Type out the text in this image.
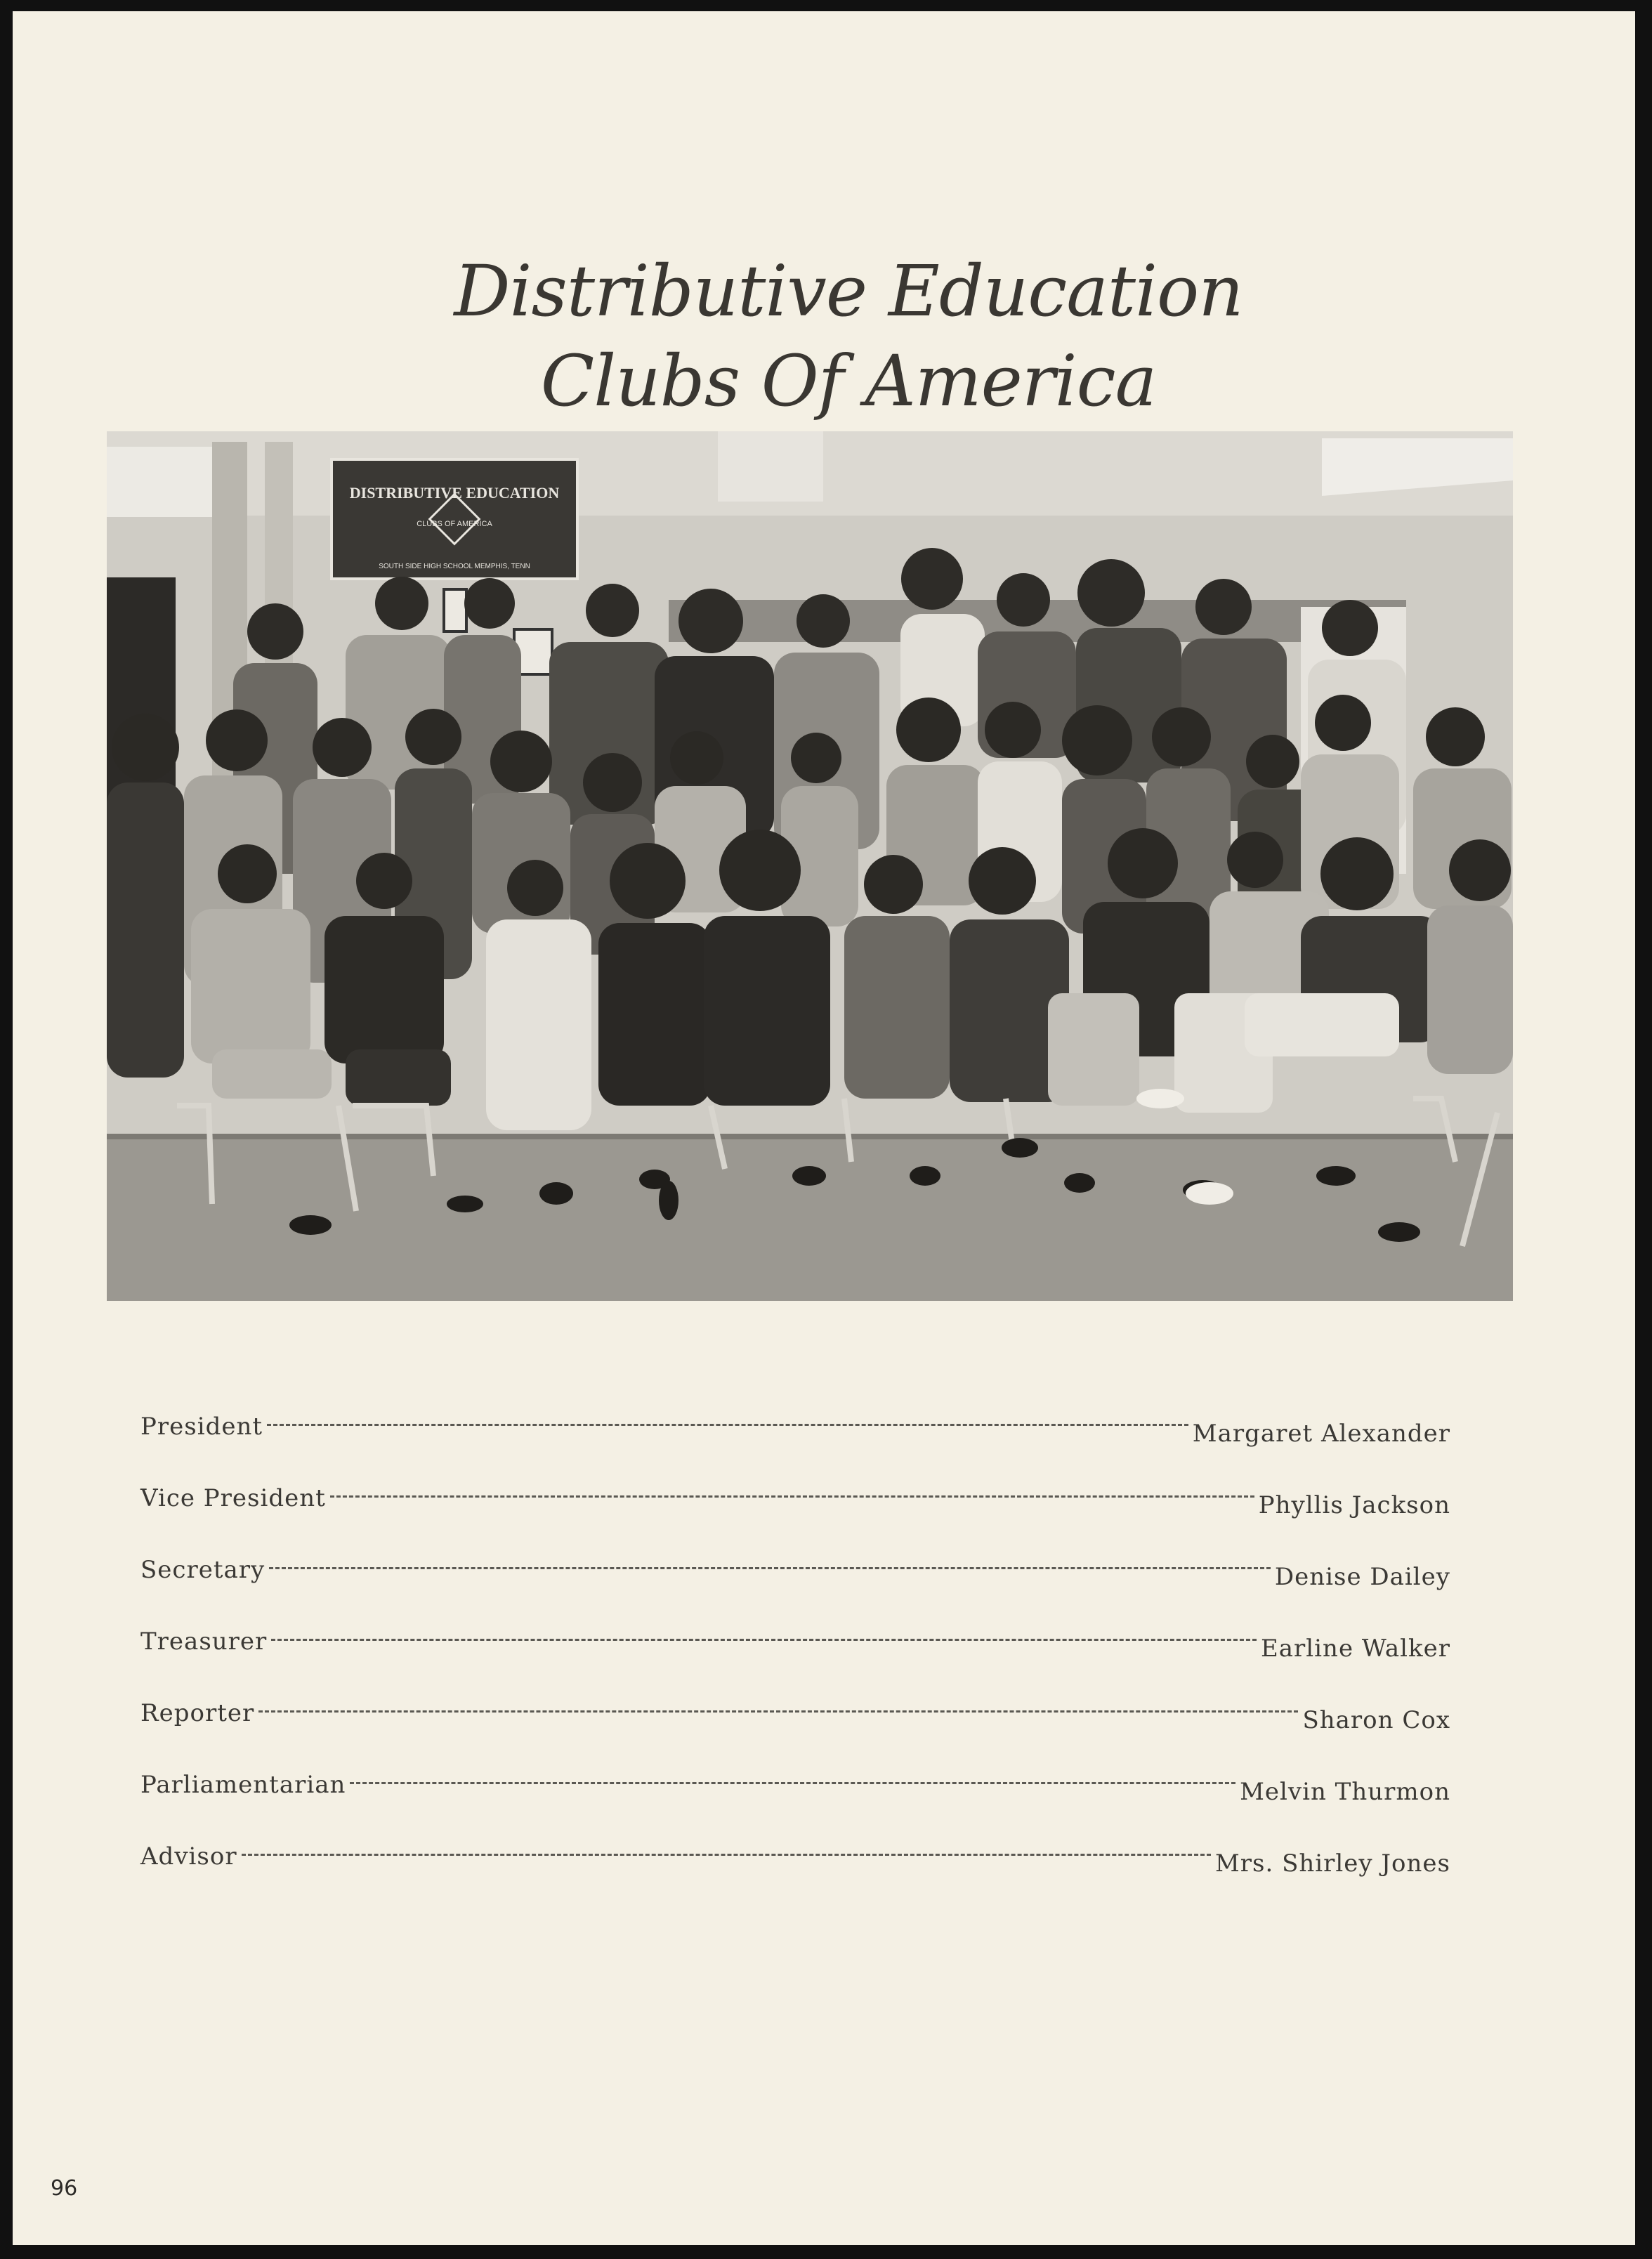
Distributive Education
Clubs Of America
DISTRIBUTIVE EDUCATION
CLUBS OF AMERICA
SOUTH SIDE HIGH SCHOOL MEMPHIS, TENN
President	Margaret Alexander
Vice President	Phyllis Jackson
Secretary	Denise Dailey
Treasurer	Earline Walker
Reporter	Sharon Cox
Parliamentarian	Melvin Thurmon
Advisor	Mrs. Shirley Jones
96
